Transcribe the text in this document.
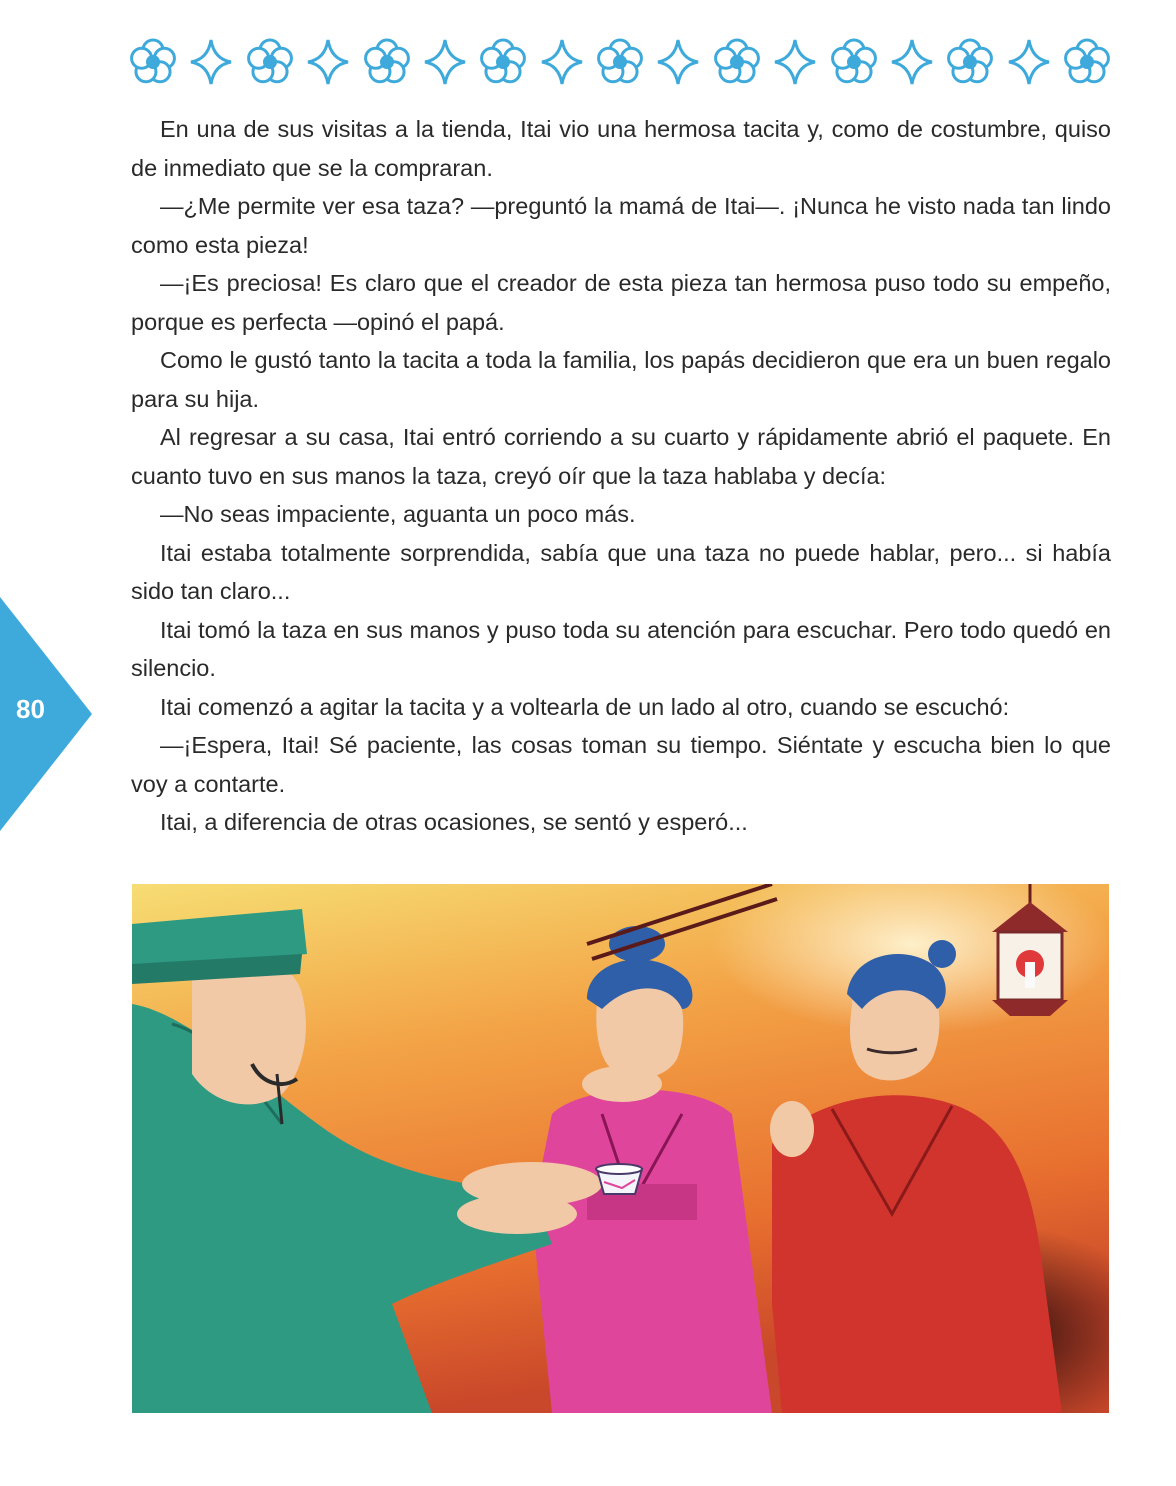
80

En una de sus visitas a la tienda, Itai vio una hermosa tacita y, como de costumbre, quiso de inmediato que se la compraran.

—¿Me permite ver esa taza? —preguntó la mamá de Itai—. ¡Nunca he visto nada tan lindo como esta pieza!

—¡Es preciosa! Es claro que el creador de esta pieza tan hermosa puso todo su empeño, porque es perfecta —opinó el papá.

Como le gustó tanto la tacita a toda la familia, los papás decidieron que era un buen regalo para su hija.

Al regresar a su casa, Itai entró corriendo a su cuarto y rápidamente abrió el paquete. En cuanto tuvo en sus manos la taza, creyó oír que la taza hablaba y decía:

—No seas impaciente, aguanta un poco más.

Itai estaba totalmente sorprendida, sabía que una taza no puede hablar, pero... si había sido tan claro...

Itai tomó la taza en sus manos y puso toda su atención para escuchar. Pero todo quedó en silencio.

Itai comenzó a agitar la tacita y a voltearla de un lado al otro, cuando se escuchó:

—¡Espera, Itai! Sé paciente, las cosas toman su tiempo. Siéntate y escucha bien lo que voy a contarte.

Itai, a diferencia de otras ocasiones, se sentó y esperó...
